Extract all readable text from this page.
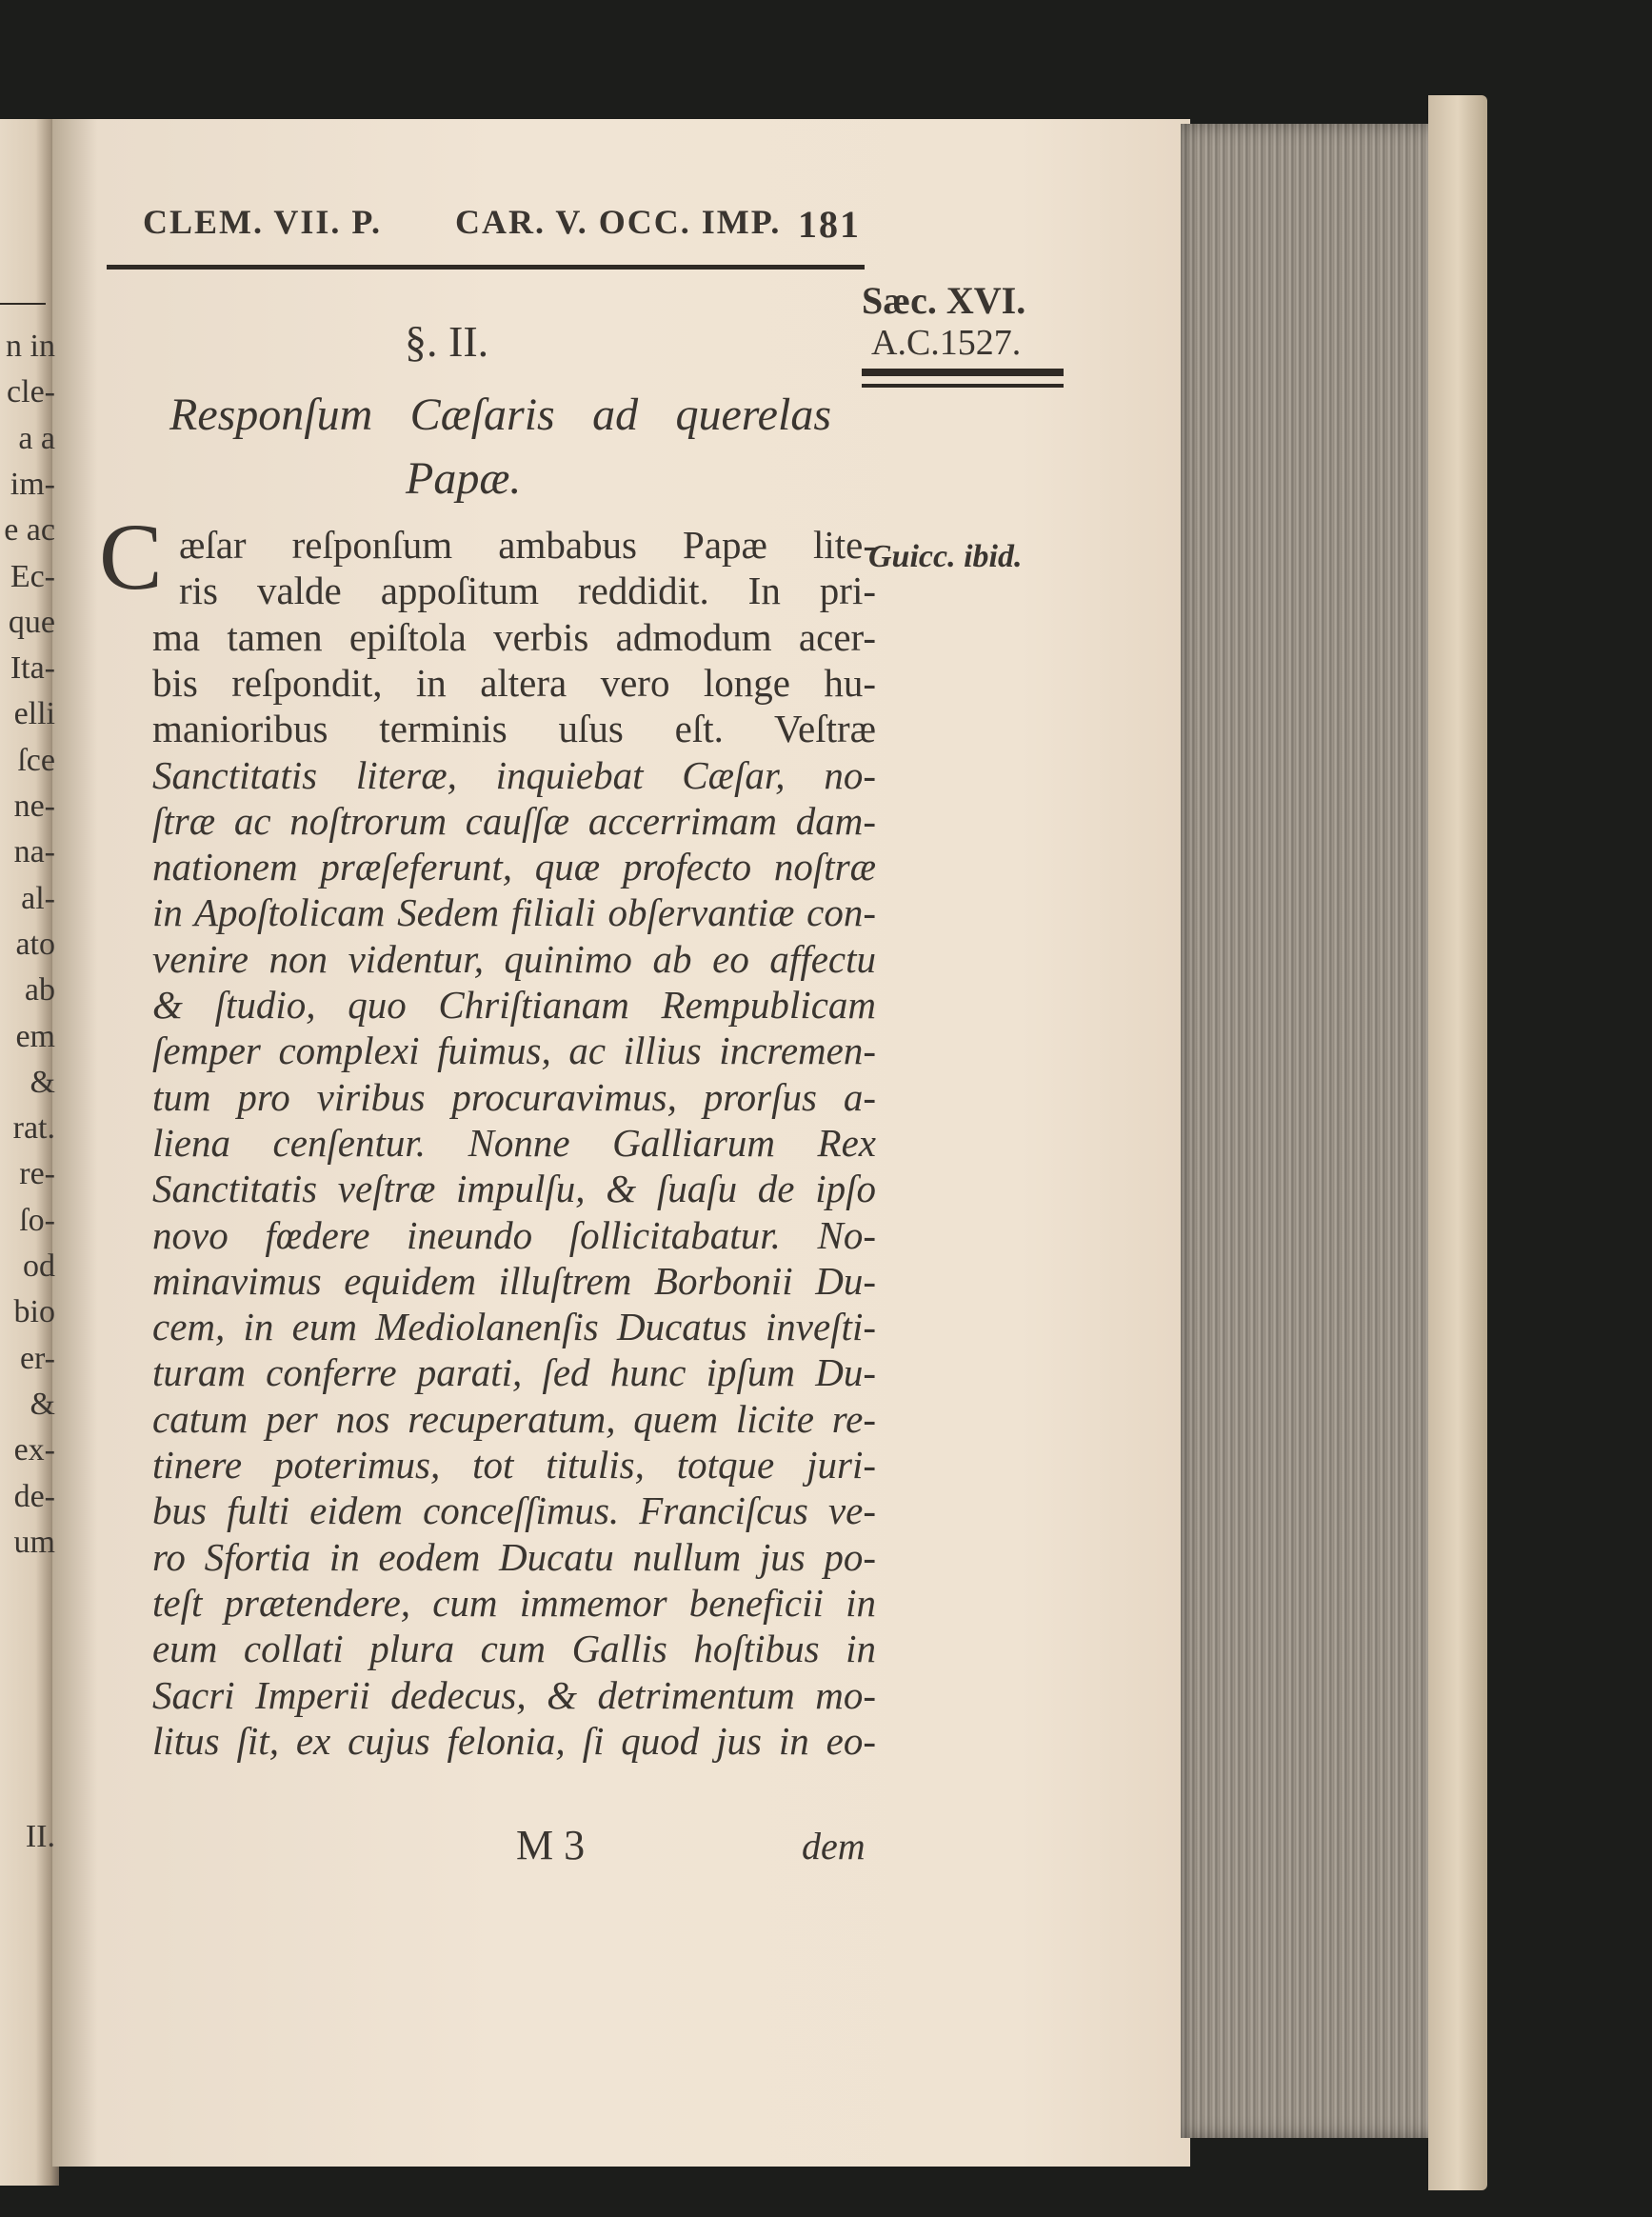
n in
cle-
a a
im-
e ac
Ec-
que
Ita-
elli
ſce
ne-
na-
al-
ato
ab
em
&
rat.
re-
ſo-
od
bio
er-
&
ex-
de-
um
II.
CLEM. VII. P. CAR. V. OCC. IMP. 181
Sæc. XVI.
A.C.1527.
Guicc. ibid.
§. II.
Responſum Cæſaris ad querelas
Papæ.
C æſar reſponſum ambabus Papæ lite-
ris valde appoſitum reddidit. In pri-
ma tamen epiſtola verbis admodum acer-
bis reſpondit, in altera vero longe hu-
manioribus terminis uſus eſt. Veſtræ
Sanctitatis literæ, inquiebat Cæſar, no-
ſtræ ac noſtrorum cauſſæ accerrimam dam-
nationem præſeferunt, quæ profecto noſtræ
in Apoſtolicam Sedem filiali obſervantiæ con-
venire non videntur, quinimo ab eo affectu
& ſtudio, quo Chriſtianam Rempublicam
ſemper complexi fuimus, ac illius incremen-
tum pro viribus procuravimus, prorſus a-
liena cenſentur. Nonne Galliarum Rex
Sanctitatis veſtræ impulſu, & ſuaſu de ipſo
novo fœdere ineundo ſollicitabatur. No-
minavimus equidem illuſtrem Borbonii Du-
cem, in eum Mediolanenſis Ducatus inveſti-
turam conferre parati, ſed hunc ipſum Du-
catum per nos recuperatum, quem licite re-
tinere poterimus, tot titulis, totque juri-
bus fulti eidem conceſſimus. Franciſcus ve-
ro Sfortia in eodem Ducatu nullum jus po-
teſt prætendere, cum immemor beneficii in
eum collati plura cum Gallis hoſtibus in
Sacri Imperii dedecus, & detrimentum mo-
litus ſit, ex cujus felonia, ſi quod jus in eo-
M 3	dem
